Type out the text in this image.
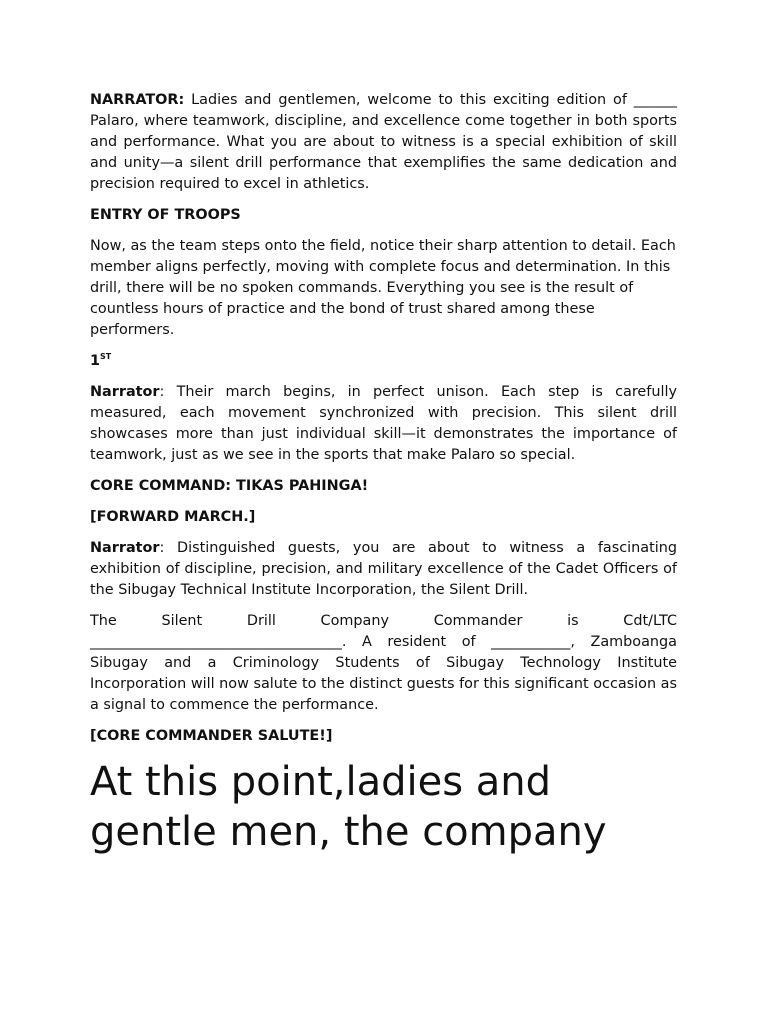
NARRATOR: Ladies and gentlemen, welcome to this exciting edition of ______ Palaro, where teamwork, discipline, and excellence come together in both sports and performance. What you are about to witness is a special exhibition of skill and unity—a silent drill performance that exemplifies the same dedication and precision required to excel in athletics.

ENTRY OF TROOPS

Now, as the team steps onto the field, notice their sharp attention to detail. Each member aligns perfectly, moving with complete focus and determination. In this drill, there will be no spoken commands. Everything you see is the result of countless hours of practice and the bond of trust shared among these performers.

1ST

Narrator: Their march begins, in perfect unison. Each step is carefully measured, each movement synchronized with precision. This silent drill showcases more than just individual skill—it demonstrates the importance of teamwork, just as we see in the sports that make Palaro so special.

CORE COMMAND: TIKAS PAHINGA!

[FORWARD MARCH.]

Narrator: Distinguished guests, you are about to witness a fascinating exhibition of discipline, precision, and military excellence of the Cadet Officers of the Sibugay Technical Institute Incorporation, the Silent Drill.

The Silent Drill Company Commander is Cdt/LTC ___________________________________. A resident of ___________, Zamboanga Sibugay and a Criminology Students of Sibugay Technology Institute Incorporation will now salute to the distinct guests for this significant occasion as a signal to commence the performance.

[CORE COMMANDER SALUTE!]

At this point,ladies and gentle men, the company
